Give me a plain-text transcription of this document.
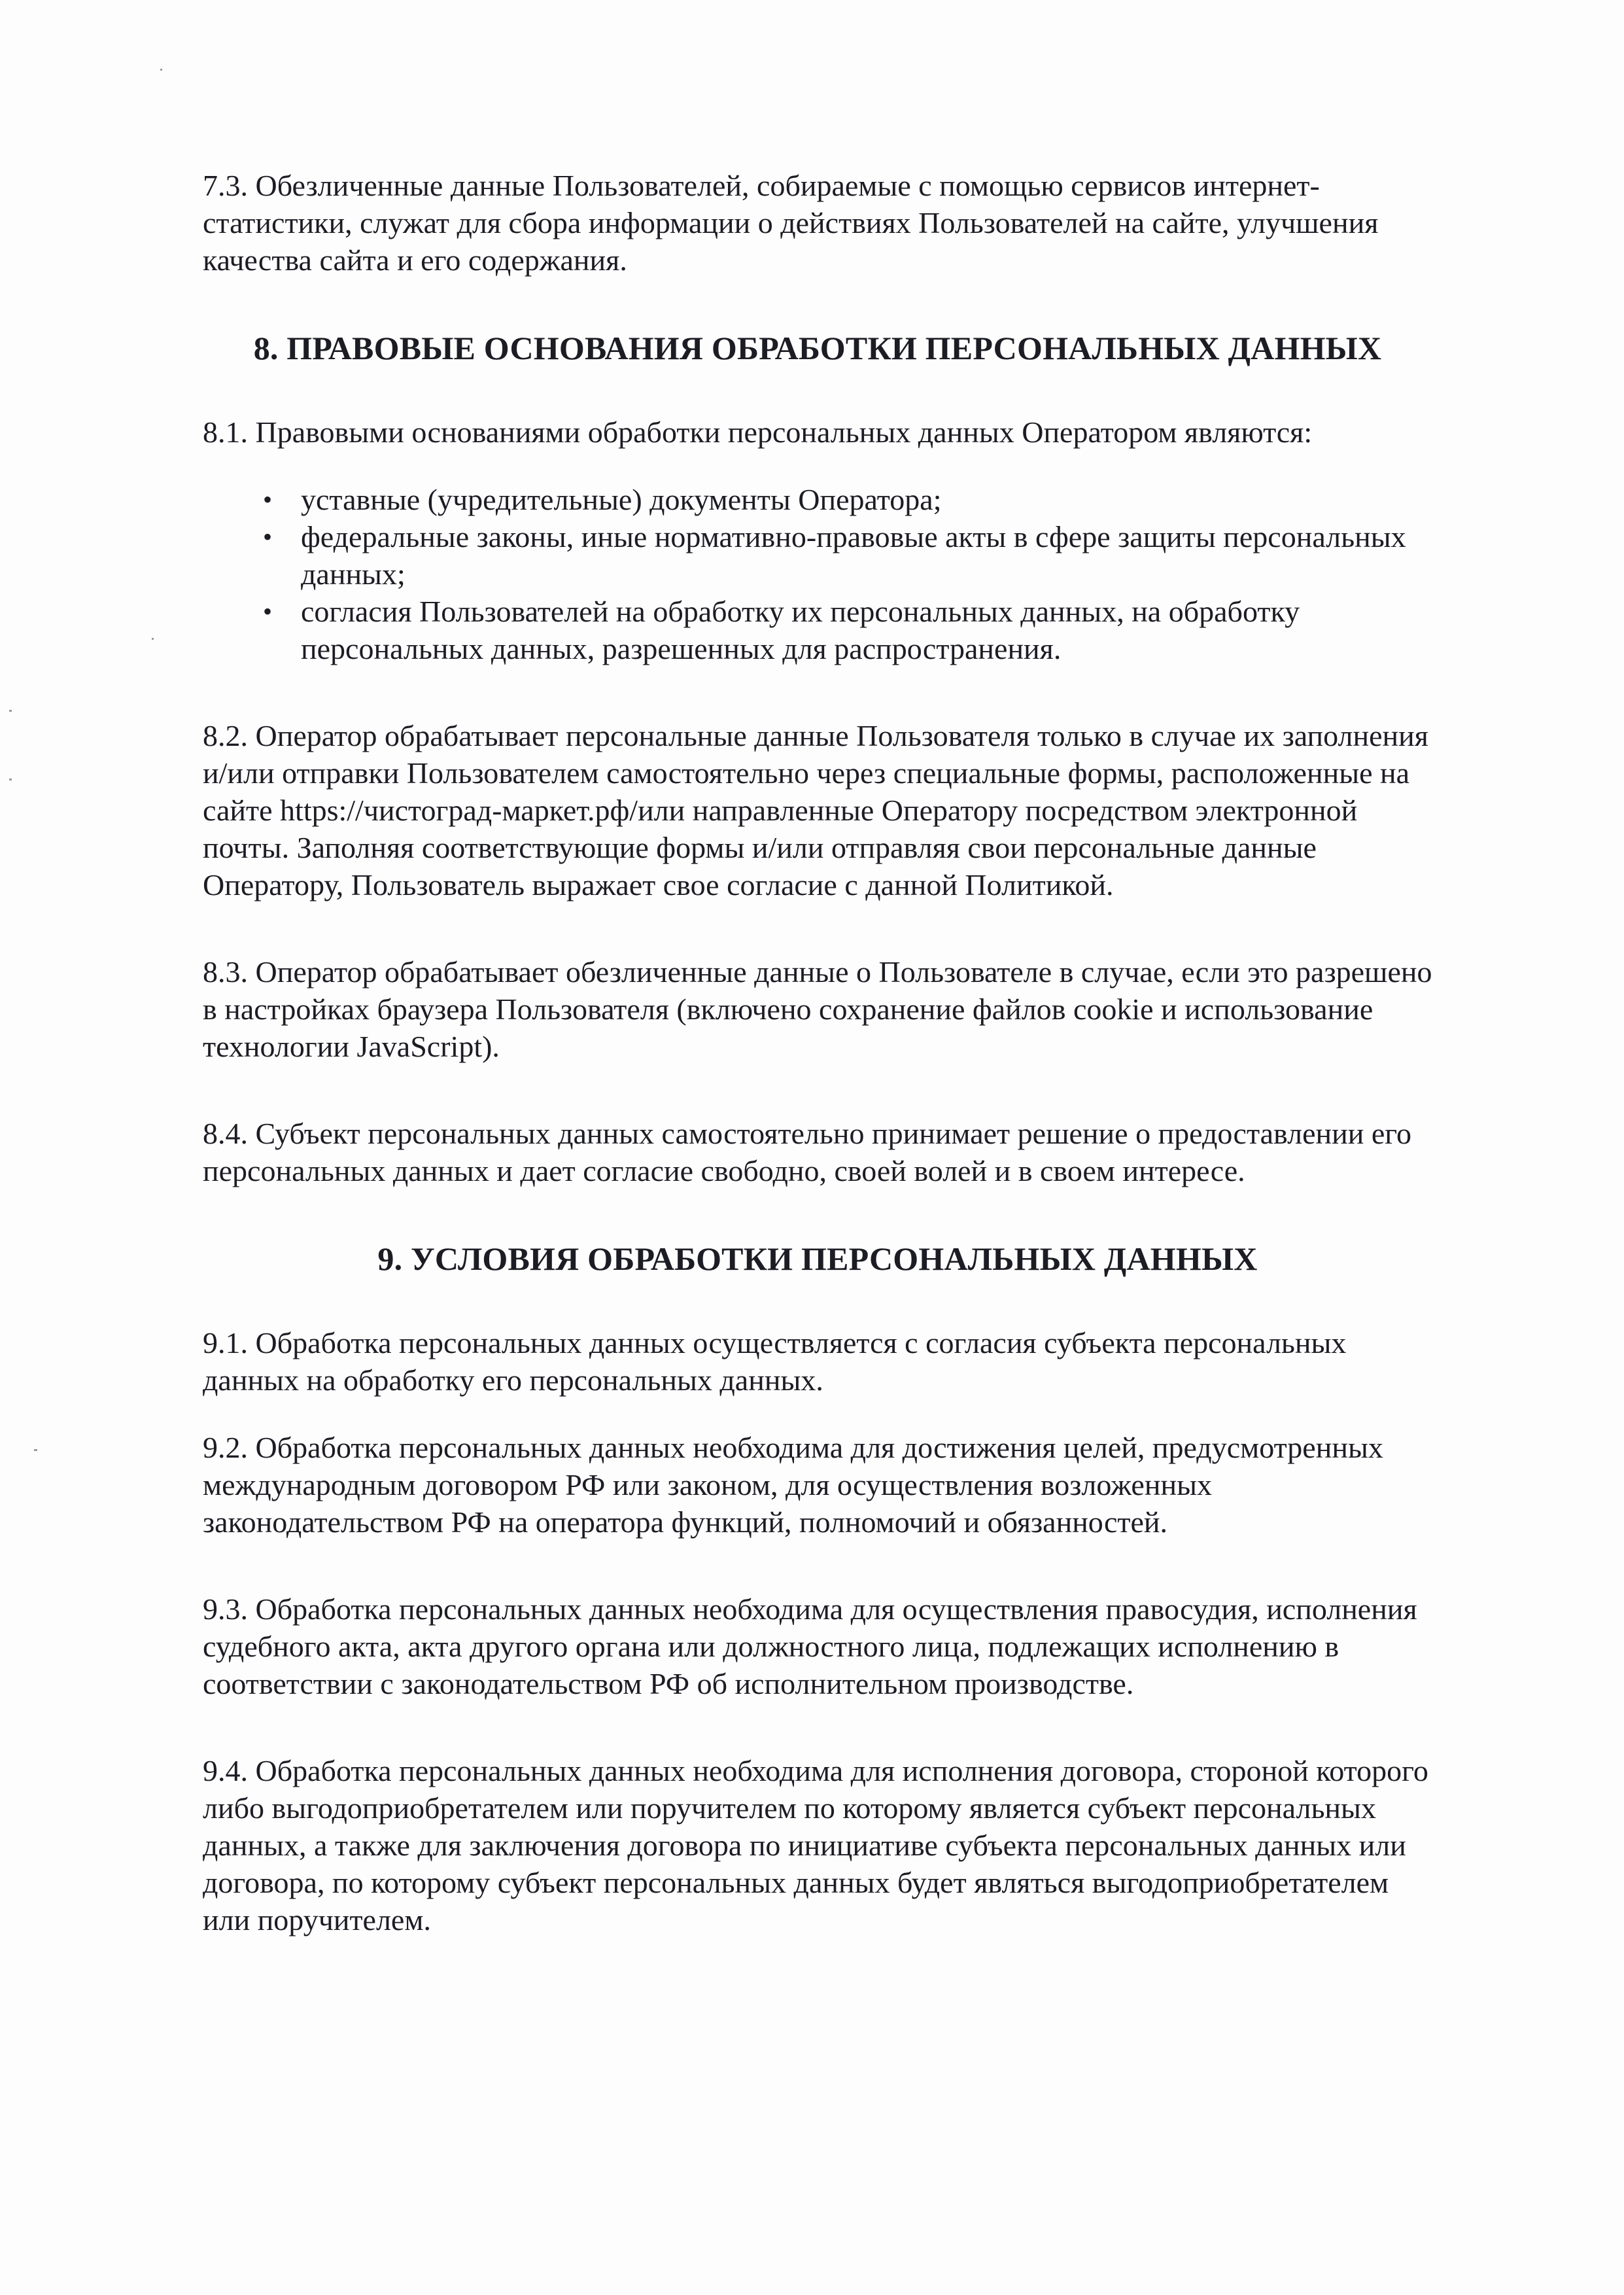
7.3. Обезличенные данные Пользователей, собираемые с помощью сервисов интернет-статистики, служат для сбора информации о действиях Пользователей на сайте, улучшения качества сайта и его содержания.

8. ПРАВОВЫЕ ОСНОВАНИЯ ОБРАБОТКИ ПЕРСОНАЛЬНЫХ ДАННЫХ

8.1. Правовыми основаниями обработки персональных данных Оператором являются:

• уставные (учредительные) документы Оператора;
• федеральные законы, иные нормативно-правовые акты в сфере защиты персональных данных;
• согласия Пользователей на обработку их персональных данных, на обработку персональных данных, разрешенных для распространения.

8.2. Оператор обрабатывает персональные данные Пользователя только в случае их заполнения и/или отправки Пользователем самостоятельно через специальные формы, расположенные на сайте https://чистоград-маркет.рф/или направленные Оператору посредством электронной почты. Заполняя соответствующие формы и/или отправляя свои персональные данные Оператору, Пользователь выражает свое согласие с данной Политикой.

8.3. Оператор обрабатывает обезличенные данные о Пользователе в случае, если это разрешено в настройках браузера Пользователя (включено сохранение файлов cookie и использование технологии JavaScript).

8.4. Субъект персональных данных самостоятельно принимает решение о предоставлении его персональных данных и дает согласие свободно, своей волей и в своем интересе.

9. УСЛОВИЯ ОБРАБОТКИ ПЕРСОНАЛЬНЫХ ДАННЫХ

9.1. Обработка персональных данных осуществляется с согласия субъекта персональных данных на обработку его персональных данных.

9.2. Обработка персональных данных необходима для достижения целей, предусмотренных международным договором РФ или законом, для осуществления возложенных законодательством РФ на оператора функций, полномочий и обязанностей.

9.3. Обработка персональных данных необходима для осуществления правосудия, исполнения судебного акта, акта другого органа или должностного лица, подлежащих исполнению в соответствии с законодательством РФ об исполнительном производстве.

9.4. Обработка персональных данных необходима для исполнения договора, стороной которого либо выгодоприобретателем или поручителем по которому является субъект персональных данных, а также для заключения договора по инициативе субъекта персональных данных или договора, по которому субъект персональных данных будет являться выгодоприобретателем или поручителем.
